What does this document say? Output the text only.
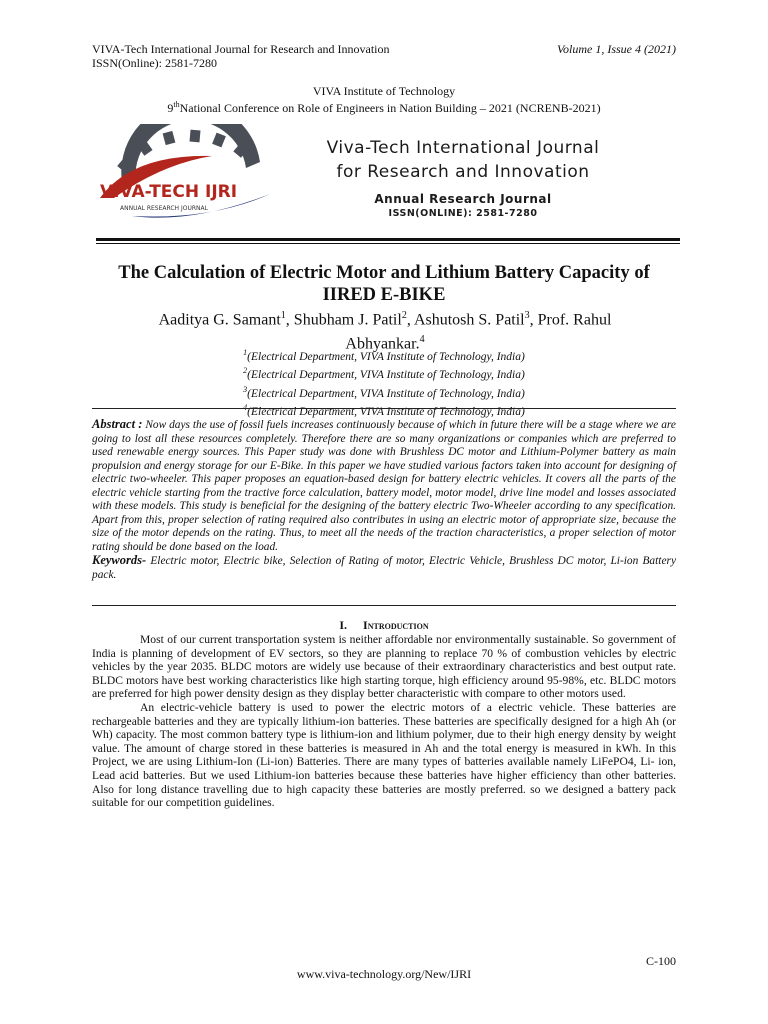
VIVA-Tech International Journal for Research and Innovation
ISSN(Online): 2581-7280
Volume 1, Issue 4 (2021)
VIVA Institute of Technology
9thNational Conference on Role of Engineers in Nation Building – 2021 (NCRENB-2021)
VIVA-TECH IJRI
ANNUAL RESEARCH JOURNAL
Viva-Tech International Journal
for Research and Innovation
Annual Research Journal
ISSN(ONLINE): 2581-7280
The Calculation of Electric Motor and Lithium Battery Capacity of IIRED E-BIKE
Aaditya G. Samant$^1$, Shubham J. Patil$^2$, Ashutosh S. Patil$^3$, Prof. Rahul Abhyankar.$^4$
$^1$(Electrical Department, VIVA Institute of Technology, India)
$^2$(Electrical Department, VIVA Institute of Technology, India)
$^3$(Electrical Department, VIVA Institute of Technology, India)
$^4$(Electrical Department, VIVA Institute of Technology, India)
Abstract : Now days the use of fossil fuels increases continuously because of which in future there will be a stage where we are going to lost all these resources completely. Therefore there are so many organizations or companies which are preferred to used renewable energy sources. This Paper study was done with Brushless DC motor and Lithium-Polymer battery as main propulsion and energy storage for our E-Bike. In this paper we have studied various factors taken into account for designing of electric two-wheeler. This paper proposes an equation-based design for battery electric vehicles. It covers all the parts of the electric vehicle starting from the tractive force calculation, battery model, motor model, drive line model and losses associated with these models. This study is beneficial for the designing of the battery electric Two-Wheeler according to any specification. Apart from this, proper selection of rating required also contributes in using an electric motor of appropriate size, because the size of the motor depends on the rating. Thus, to meet all the needs of the traction characteristics, a proper selection of motor rating should be done based on the load.
Keywords- Electric motor, Electric bike, Selection of Rating of motor, Electric Vehicle, Brushless DC motor, Li-ion Battery pack.
I. Introduction

Most of our current transportation system is neither affordable nor environmentally sustainable. So government of India is planning of development of EV sectors, so they are planning to replace 70 % of combustion vehicles by electric vehicles by the year 2035. BLDC motors are widely use because of their extraordinary characteristics and best output rate. BLDC motors have best working characteristics like high starting torque, high efficiency around 95-98%, etc. BLDC motors are preferred for high power density design as they display better characteristic with compare to other motors used.

An electric-vehicle battery is used to power the electric motors of a electric vehicle. These batteries are rechargeable batteries and they are typically lithium-ion batteries. These batteries are specifically designed for a high Ah (or Wh) capacity. The most common battery type is lithium-ion and lithium polymer, due to their high energy density by weight value. The amount of charge stored in these batteries is measured in Ah and the total energy is measured in kWh. In this Project, we are using Lithium-Ion (Li-ion) Batteries. There are many types of batteries available namely LiFePO4, Li- ion, Lead acid batteries. But we used Lithium-ion batteries because these batteries have higher efficiency than other batteries. Also for long distance travelling due to high capacity these batteries are mostly preferred. so we designed a battery pack suitable for our competition guidelines.

C-100
www.viva-technology.org/New/IJRI
